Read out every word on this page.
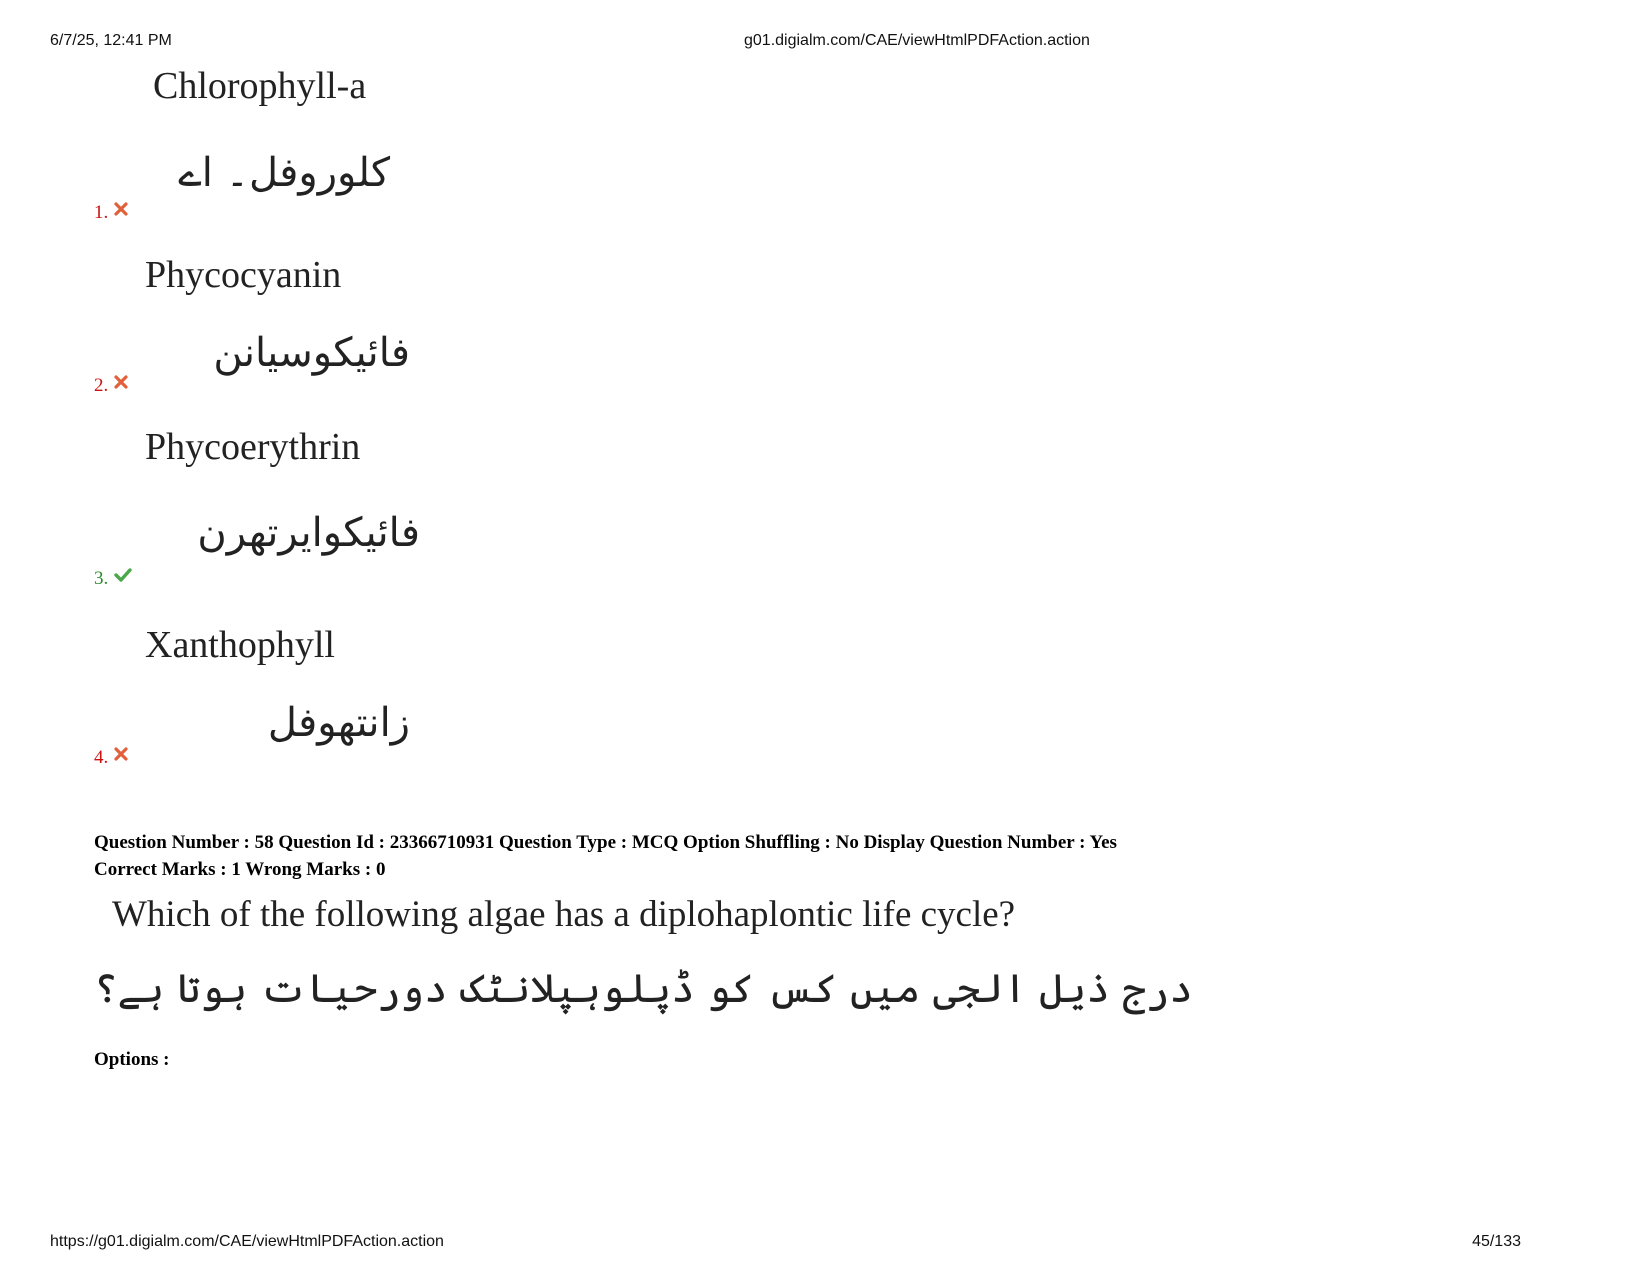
6/7/25, 12:41 PM	g01.digialm.com/CAE/viewHtmlPDFAction.action
Chlorophyll-a
کلوروفل۔ اے
1.
Phycocyanin
فائیکوسیانن
2.
Phycoerythrin
فائیکوایرتھرن
3.
Xanthophyll
زانتھوفل
4.
Question Number : 58 Question Id : 23366710931 Question Type : MCQ Option Shuffling : No Display Question Number : Yes
Correct Marks : 1 Wrong Marks : 0
Which of the following algae has a diplohaplontic life cycle?
درج ذیل الجی میں کس کو ڈپلوہپلانٹک دورحیات ہوتا ہے؟
Options :
https://g01.digialm.com/CAE/viewHtmlPDFAction.action	45/133
